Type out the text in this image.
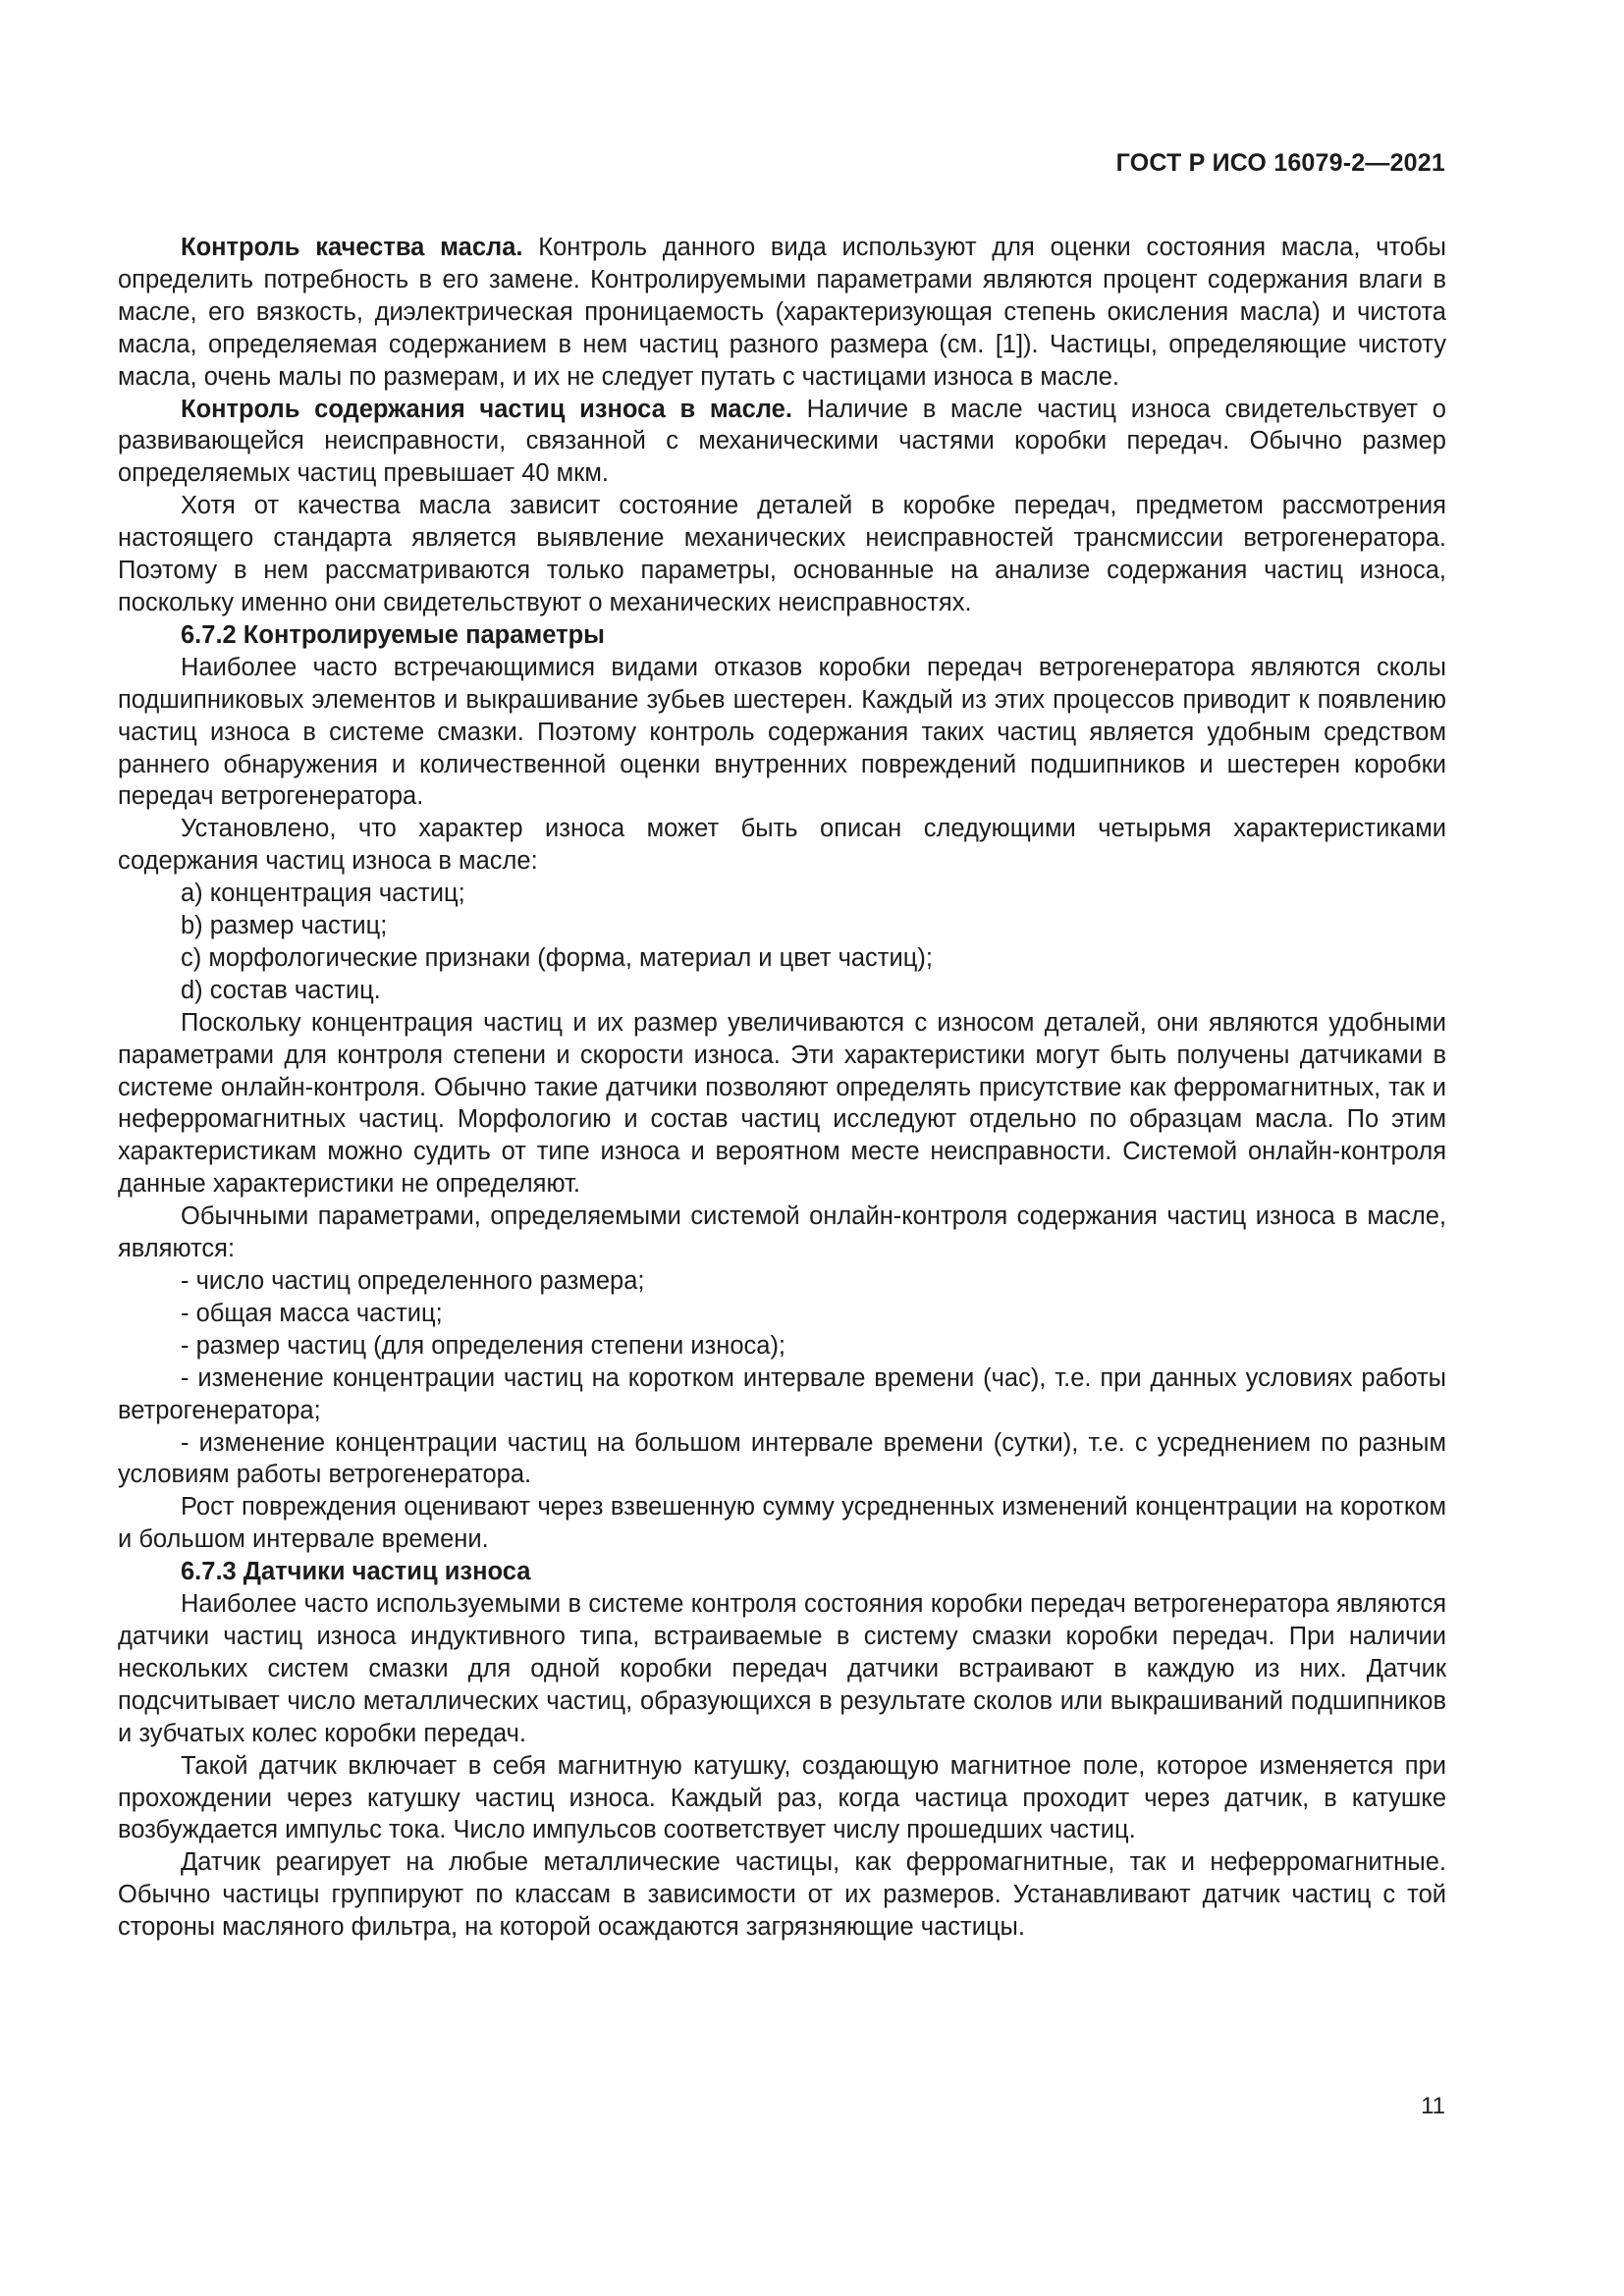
ГОСТ Р ИСО 16079-2—2021

Контроль качества масла. Контроль данного вида используют для оценки состояния масла, чтобы определить потребность в его замене. Контролируемыми параметрами являются процент содержания влаги в масле, его вязкость, диэлектрическая проницаемость (характеризующая степень окисления масла) и чистота масла, определяемая содержанием в нем частиц разного размера (см. [1]). Частицы, определяющие чистоту масла, очень малы по размерам, и их не следует путать с частицами износа в масле.

Контроль содержания частиц износа в масле. Наличие в масле частиц износа свидетельствует о развивающейся неисправности, связанной с механическими частями коробки передач. Обычно размер определяемых частиц превышает 40 мкм.

Хотя от качества масла зависит состояние деталей в коробке передач, предметом рассмотрения настоящего стандарта является выявление механических неисправностей трансмиссии ветрогенератора. Поэтому в нем рассматриваются только параметры, основанные на анализе содержания частиц износа, поскольку именно они свидетельствуют о механических неисправностях.

6.7.2 Контролируемые параметры

Наиболее часто встречающимися видами отказов коробки передач ветрогенератора являются сколы подшипниковых элементов и выкрашивание зубьев шестерен. Каждый из этих процессов приводит к появлению частиц износа в системе смазки. Поэтому контроль содержания таких частиц является удобным средством раннего обнаружения и количественной оценки внутренних повреждений подшипников и шестерен коробки передач ветрогенератора.

Установлено, что характер износа может быть описан следующими четырьмя характеристиками содержания частиц износа в масле:

a) концентрация частиц;

b) размер частиц;

c) морфологические признаки (форма, материал и цвет частиц);

d) состав частиц.

Поскольку концентрация частиц и их размер увеличиваются с износом деталей, они являются удобными параметрами для контроля степени и скорости износа. Эти характеристики могут быть получены датчиками в системе онлайн-контроля. Обычно такие датчики позволяют определять присутствие как ферромагнитных, так и неферромагнитных частиц. Морфологию и состав частиц исследуют отдельно по образцам масла. По этим характеристикам можно судить от типе износа и вероятном месте неисправности. Системой онлайн-контроля данные характеристики не определяют.

Обычными параметрами, определяемыми системой онлайн-контроля содержания частиц износа в масле, являются:

- число частиц определенного размера;

- общая масса частиц;

- размер частиц (для определения степени износа);

- изменение концентрации частиц на коротком интервале времени (час), т.е. при данных условиях работы ветрогенератора;

- изменение концентрации частиц на большом интервале времени (сутки), т.е. с усреднением по разным условиям работы ветрогенератора.

Рост повреждения оценивают через взвешенную сумму усредненных изменений концентрации на коротком и большом интервале времени.

6.7.3 Датчики частиц износа

Наиболее часто используемыми в системе контроля состояния коробки передач ветрогенератора являются датчики частиц износа индуктивного типа, встраиваемые в систему смазки коробки передач. При наличии нескольких систем смазки для одной коробки передач датчики встраивают в каждую из них. Датчик подсчитывает число металлических частиц, образующихся в результате сколов или выкрашиваний подшипников и зубчатых колес коробки передач.

Такой датчик включает в себя магнитную катушку, создающую магнитное поле, которое изменяется при прохождении через катушку частиц износа. Каждый раз, когда частица проходит через датчик, в катушке возбуждается импульс тока. Число импульсов соответствует числу прошедших частиц.

Датчик реагирует на любые металлические частицы, как ферромагнитные, так и неферромагнитные. Обычно частицы группируют по классам в зависимости от их размеров. Устанавливают датчик частиц с той стороны масляного фильтра, на которой осаждаются загрязняющие частицы.

11
